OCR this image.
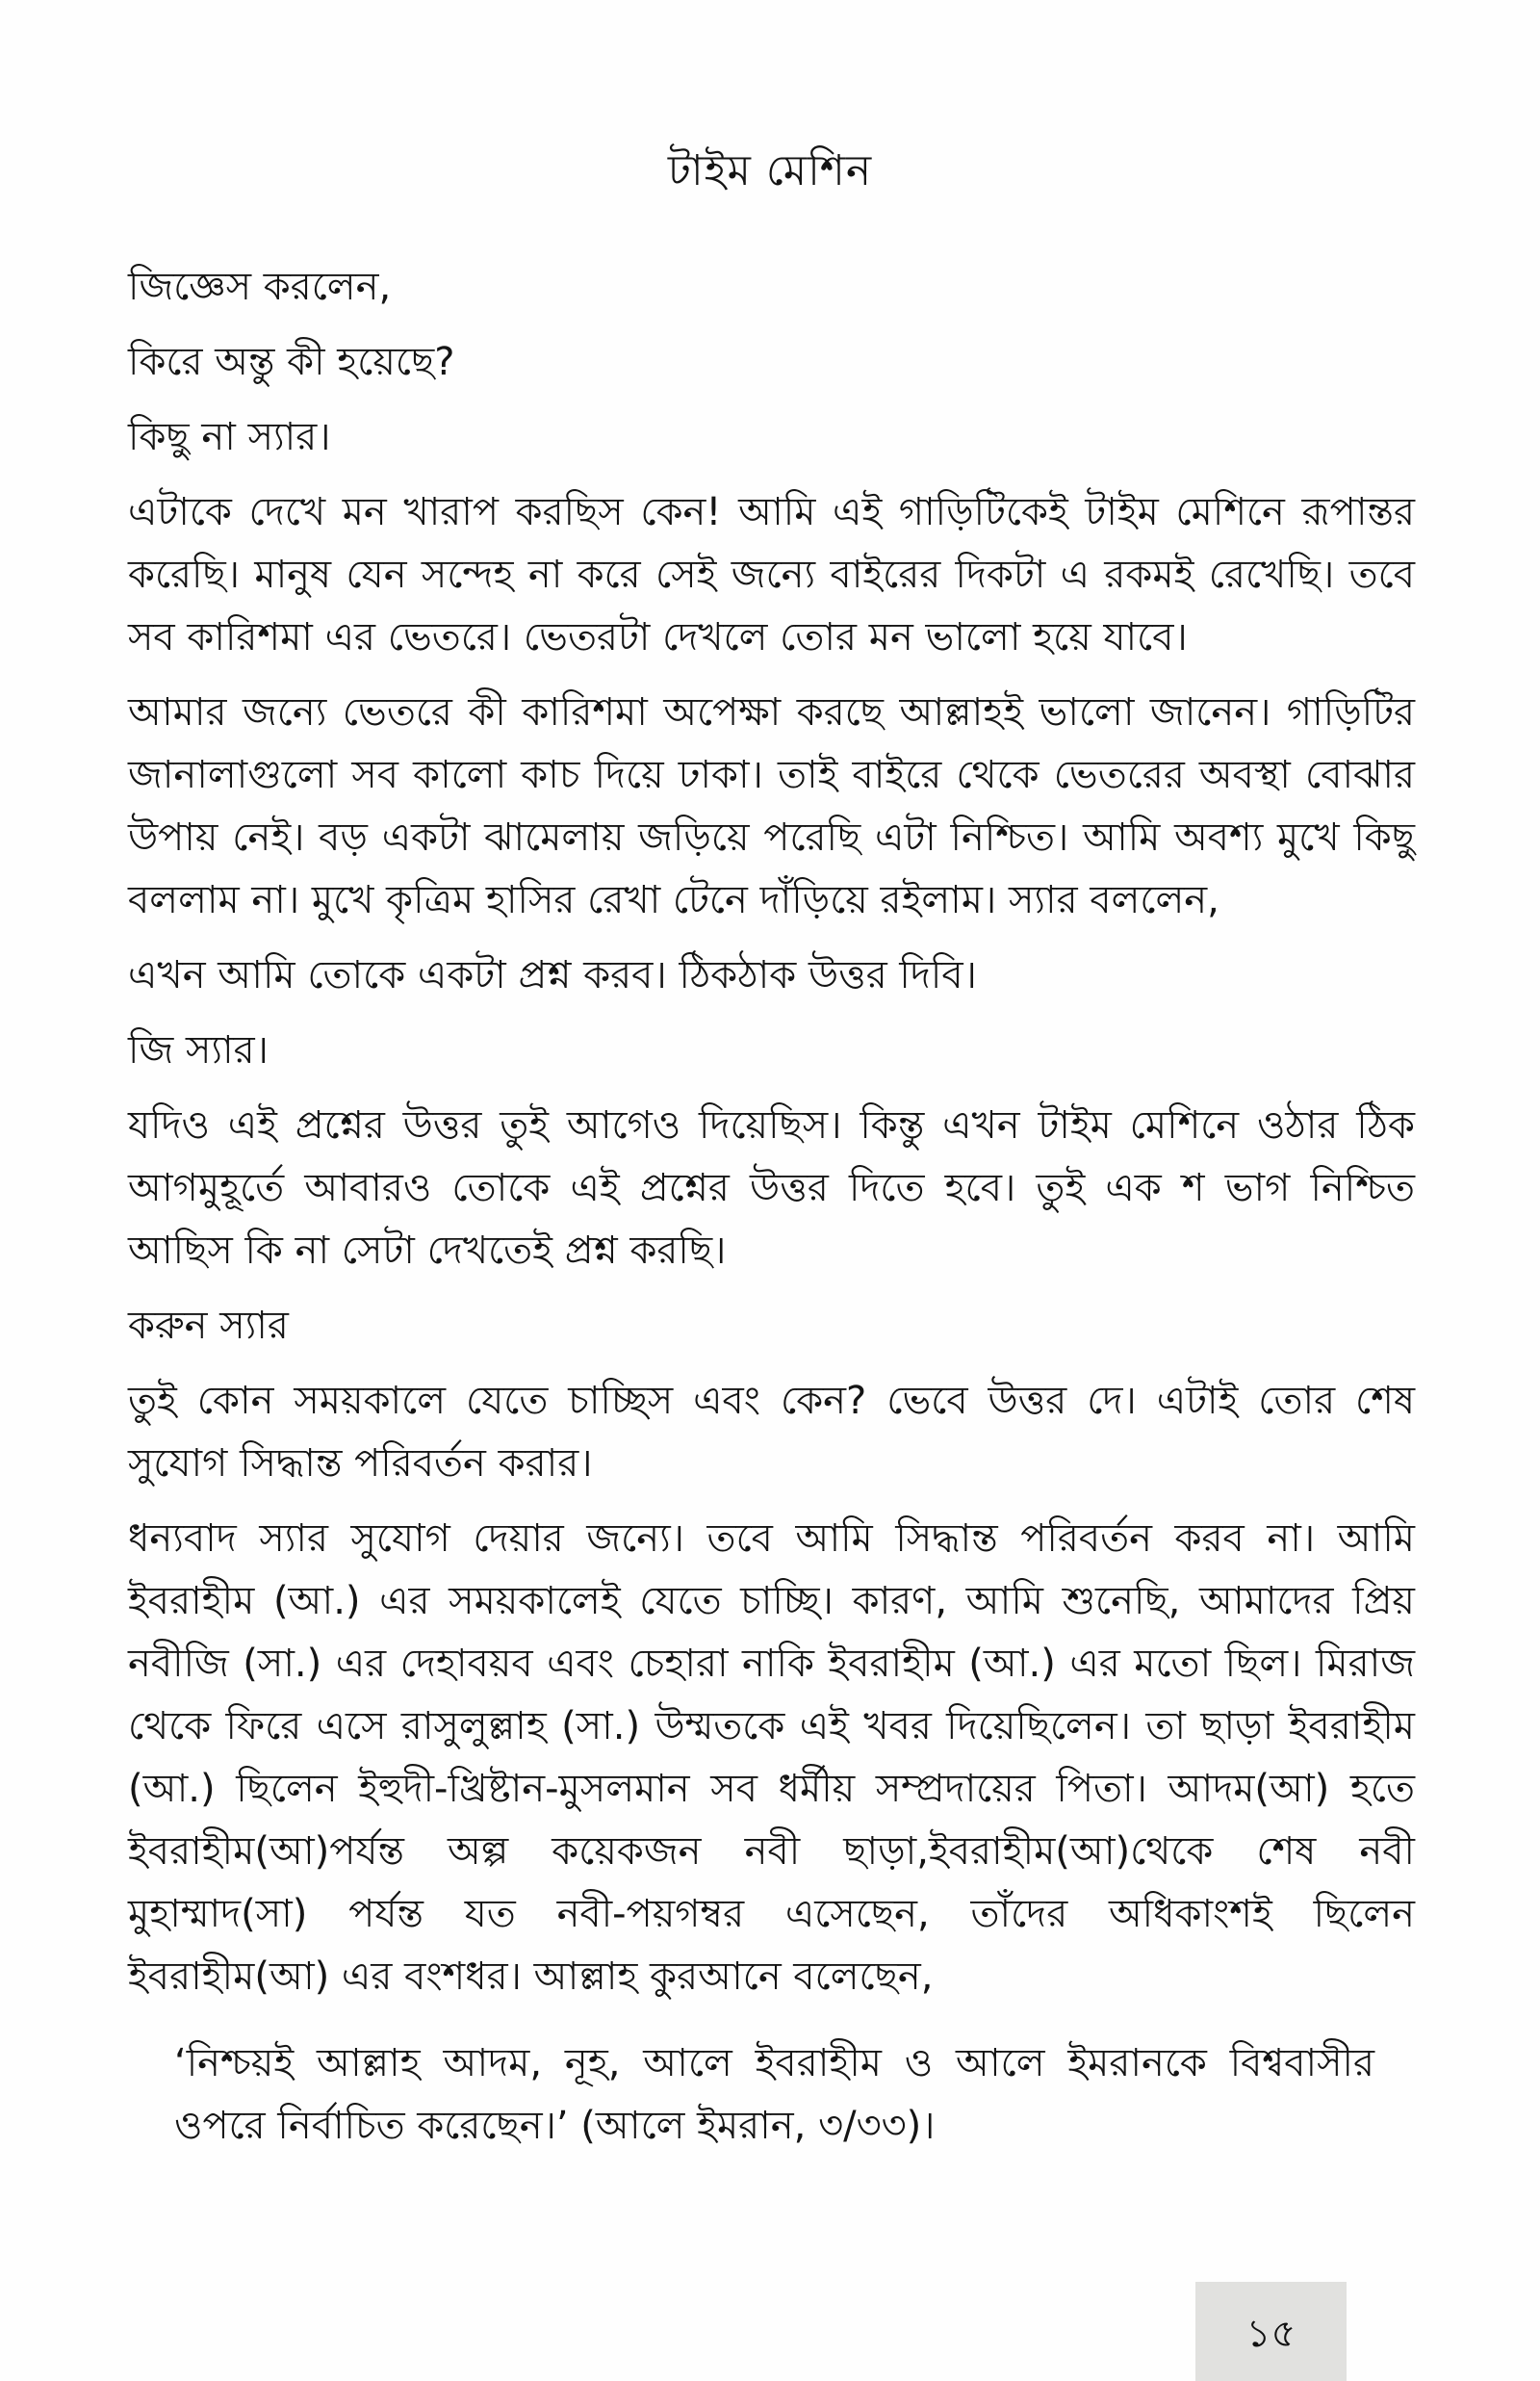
টাইম মেশিন

জিজ্ঞেস করলেন,

কিরে অন্তু কী হয়েছে?

কিছু না স্যার।

এটাকে দেখে মন খারাপ করছিস কেন! আমি এই গাড়িটিকেই টাইম মেশিনে রূপান্তর করেছি। মানুষ যেন সন্দেহ না করে সেই জন্যে বাইরের দিকটা এ রকমই রেখেছি। তবে সব কারিশমা এর ভেতরে। ভেতরটা দেখলে তোর মন ভালো হয়ে যাবে।

আমার জন্যে ভেতরে কী কারিশমা অপেক্ষা করছে আল্লাহই ভালো জানেন। গাড়িটির জানালাগুলো সব কালো কাচ দিয়ে ঢাকা। তাই বাইরে থেকে ভেতরের অবস্থা বোঝার উপায় নেই। বড় একটা ঝামেলায় জড়িয়ে পরেছি এটা নিশ্চিত। আমি অবশ্য মুখে কিছু বললাম না। মুখে কৃত্রিম হাসির রেখা টেনে দাঁড়িয়ে রইলাম। স্যার বললেন,

এখন আমি তোকে একটা প্রশ্ন করব। ঠিকঠাক উত্তর দিবি।

জি স্যার।

যদিও এই প্রশ্নের উত্তর তুই আগেও দিয়েছিস। কিন্তু এখন টাইম মেশিনে ওঠার ঠিক আগমুহূর্তে আবারও তোকে এই প্রশ্নের উত্তর দিতে হবে। তুই এক শ ভাগ নিশ্চিত আছিস কি না সেটা দেখতেই প্রশ্ন করছি।

করুন স্যার

তুই কোন সময়কালে যেতে চাচ্ছিস এবং কেন? ভেবে উত্তর দে। এটাই তোর শেষ সুযোগ সিদ্ধান্ত পরিবর্তন করার।

ধন্যবাদ স্যার সুযোগ দেয়ার জন্যে। তবে আমি সিদ্ধান্ত পরিবর্তন করব না। আমি ইবরাহীম (আ.) এর সময়কালেই যেতে চাচ্ছি। কারণ, আমি শুনেছি, আমাদের প্রিয় নবীজি (সা.) এর দেহাবয়ব এবং চেহারা নাকি ইবরাহীম (আ.) এর মতো ছিল। মিরাজ থেকে ফিরে এসে রাসুলুল্লাহ (সা.) উম্মতকে এই খবর দিয়েছিলেন। তা ছাড়া ইবরাহীম (আ.) ছিলেন ইহুদী-খ্রিষ্টান-মুসলমান সব ধর্মীয় সম্প্রদায়ের পিতা। আদম(আ) হতে ইবরাহীম(আ)পর্যন্ত অল্প কয়েকজন নবী ছাড়া,ইবরাহীম(আ)থেকে শেষ নবী মুহাম্মাদ(সা) পর্যন্ত যত নবী-পয়গম্বর এসেছেন, তাঁদের অধিকাংশই ছিলেন ইবরাহীম(আ) এর বংশধর। আল্লাহ কুরআনে বলেছেন,

‘নিশ্চয়ই আল্লাহ আদম, নূহ, আলে ইবরাহীম ও আলে ইমরানকে বিশ্ববাসীর ওপরে নির্বাচিত করেছেন।’ (আলে ইমরান, ৩/৩৩)।

১৫
